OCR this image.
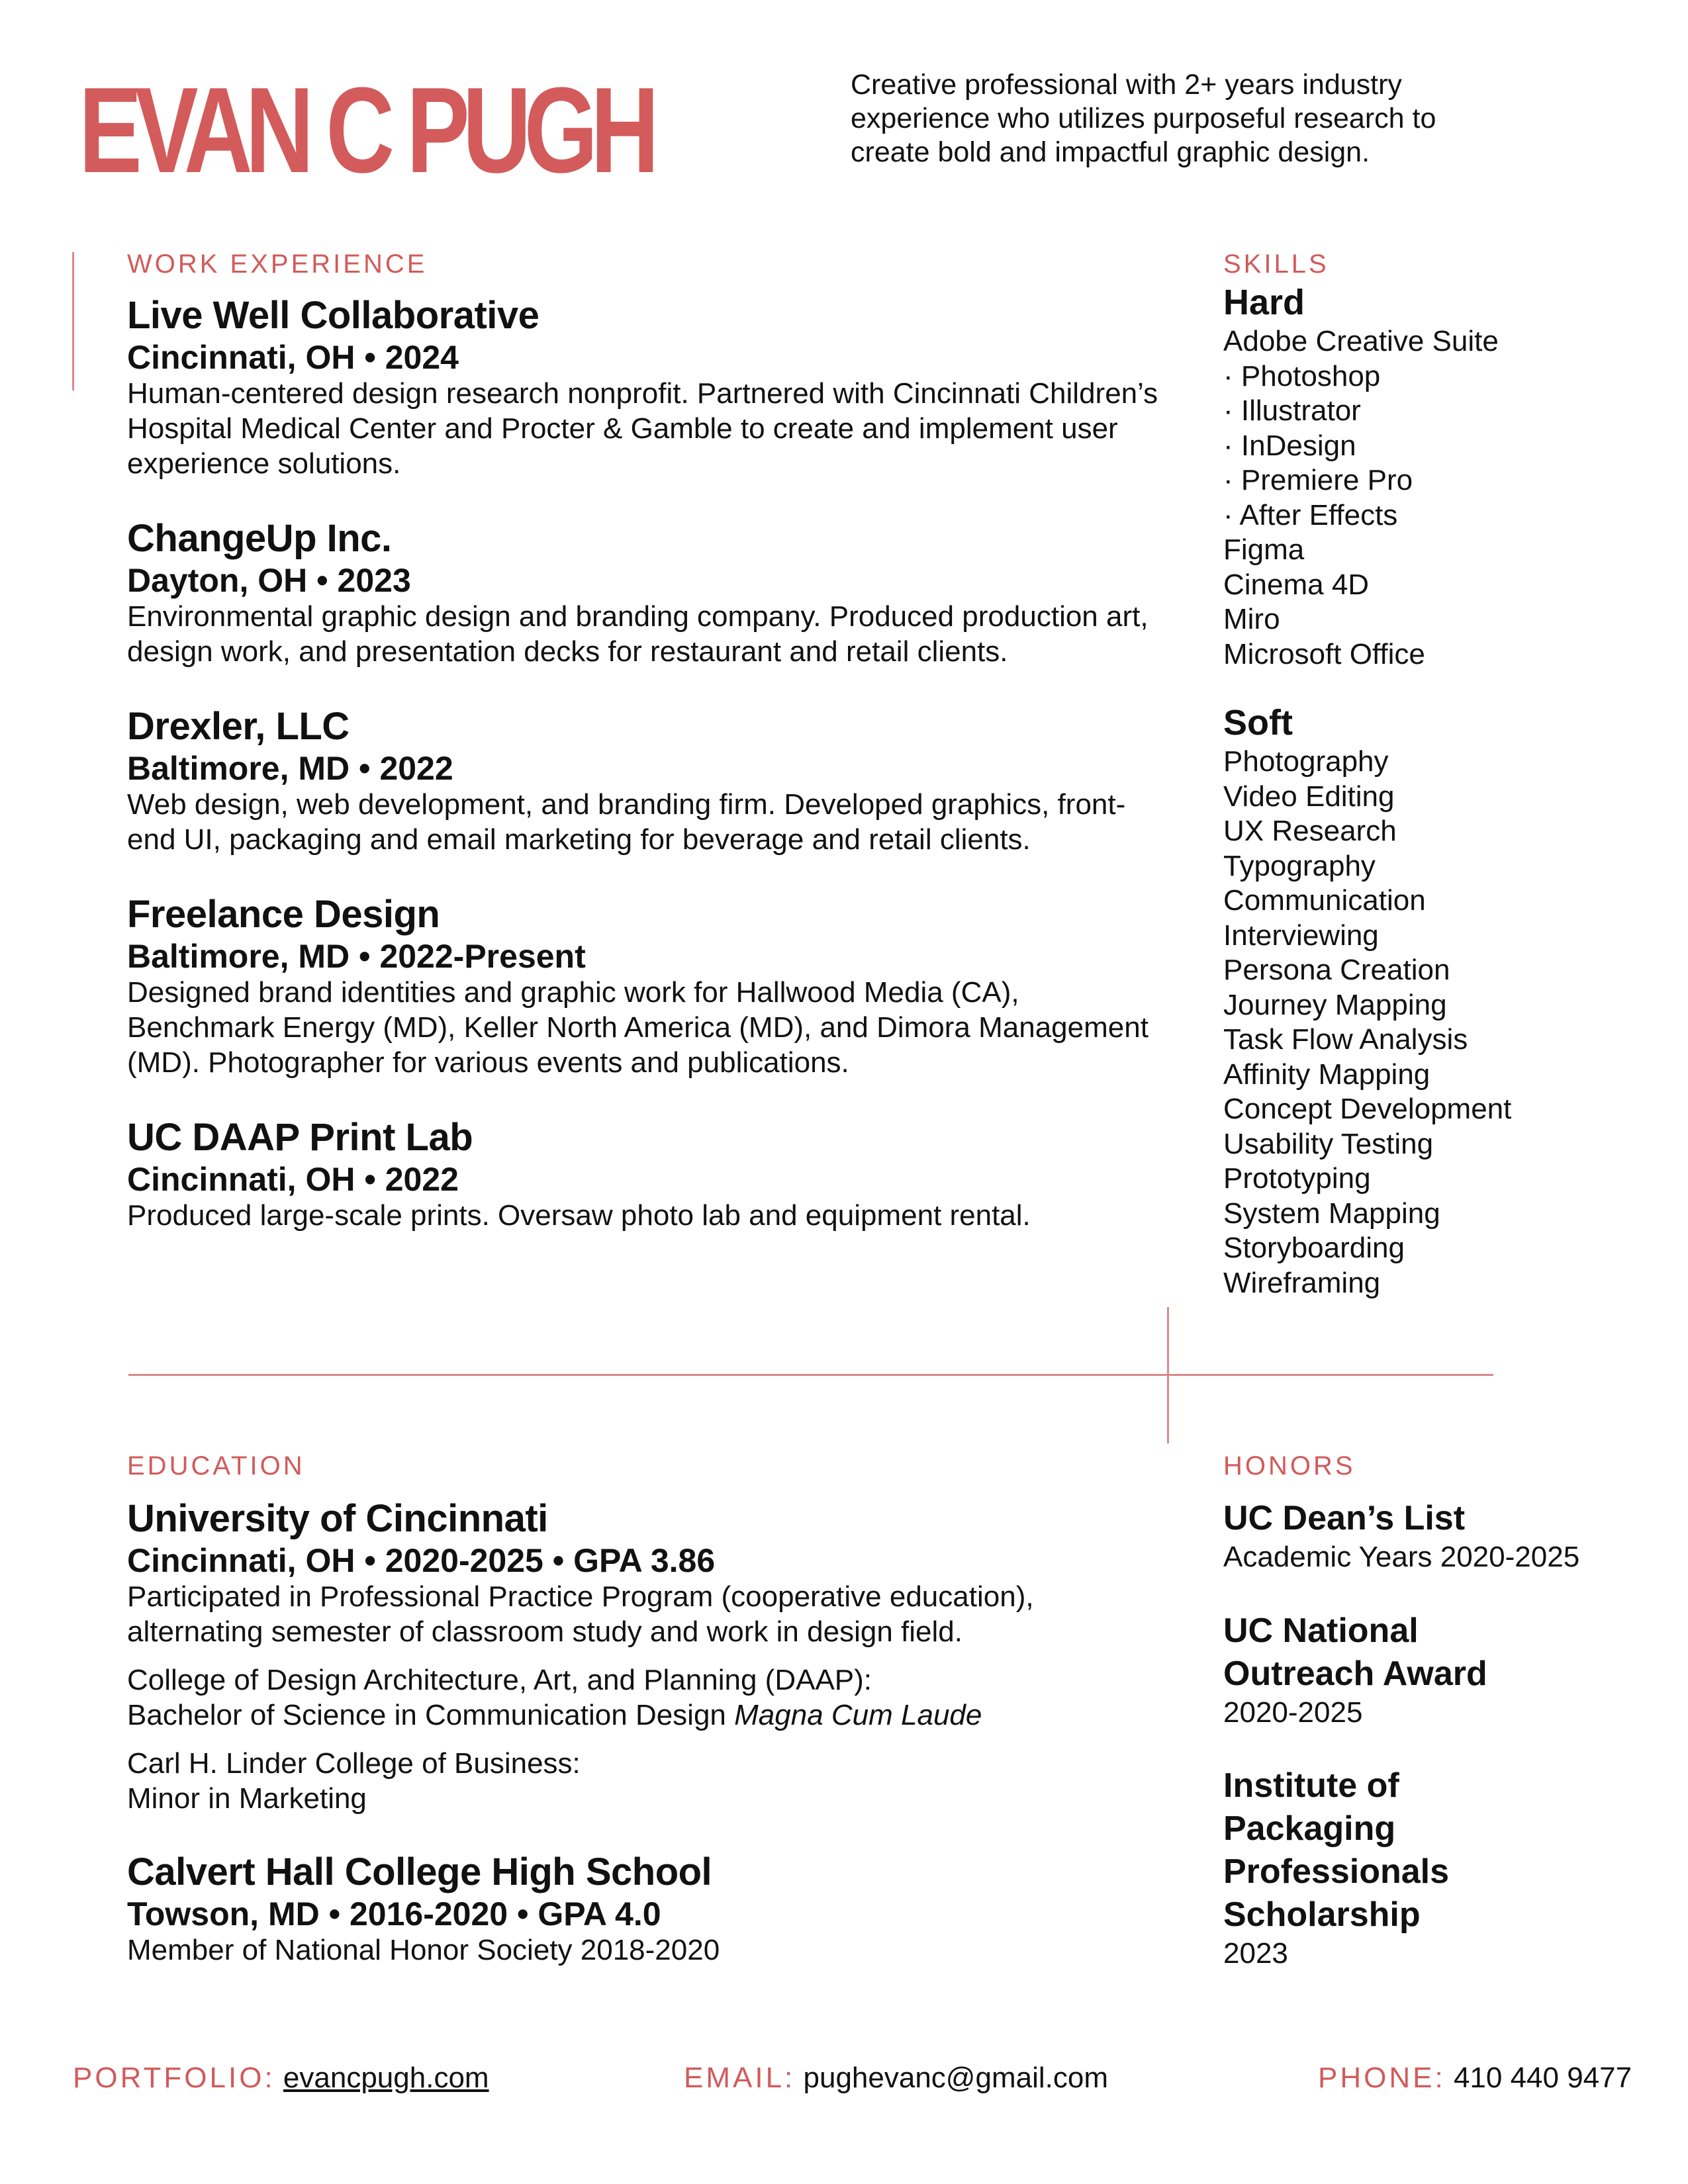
EVAN C PUGH	Creative professional with 2+ years industry experience who utilizes purposeful research to create bold and impactful graphic design.
WORK EXPERIENCE
Live Well Collaborative
Cincinnati, OH • 2024
Human-centered design research nonprofit. Partnered with Cincinnati Children’s Hospital Medical Center and Procter & Gamble to create and implement user experience solutions.
ChangeUp Inc.
Dayton, OH • 2023
Environmental graphic design and branding company. Produced production art, design work, and presentation decks for restaurant and retail clients.
Drexler, LLC
Baltimore, MD • 2022
Web design, web development, and branding firm. Developed graphics, front-end UI, packaging and email marketing for beverage and retail clients.
Freelance Design
Baltimore, MD • 2022-Present
Designed brand identities and graphic work for Hallwood Media (CA), Benchmark Energy (MD), Keller North America (MD), and Dimora Management (MD). Photographer for various events and publications.
UC DAAP Print Lab
Cincinnati, OH • 2022
Produced large-scale prints. Oversaw photo lab and equipment rental.
SKILLS
Hard
Adobe Creative Suite
· Photoshop
· Illustrator
· InDesign
· Premiere Pro
· After Effects
Figma
Cinema 4D
Miro
Microsoft Office
Soft
Photography
Video Editing
UX Research
Typography
Communication
Interviewing
Persona Creation
Journey Mapping
Task Flow Analysis
Affinity Mapping
Concept Development
Usability Testing
Prototyping
System Mapping
Storyboarding
Wireframing
EDUCATION
University of Cincinnati
Cincinnati, OH • 2020-2025 • GPA 3.86
Participated in Professional Practice Program (cooperative education), alternating semester of classroom study and work in design field.
College of Design Architecture, Art, and Planning (DAAP):
Bachelor of Science in Communication Design Magna Cum Laude
Carl H. Linder College of Business:
Minor in Marketing
Calvert Hall College High School
Towson, MD • 2016-2020 • GPA 4.0
Member of National Honor Society 2018-2020
HONORS
UC Dean’s List
Academic Years 2020-2025
UC National Outreach Award
2020-2025
Institute of Packaging Professionals Scholarship
2023
PORTFOLIO: evancpugh.com	EMAIL: pughevanc@gmail.com	PHONE: 410 440 9477
